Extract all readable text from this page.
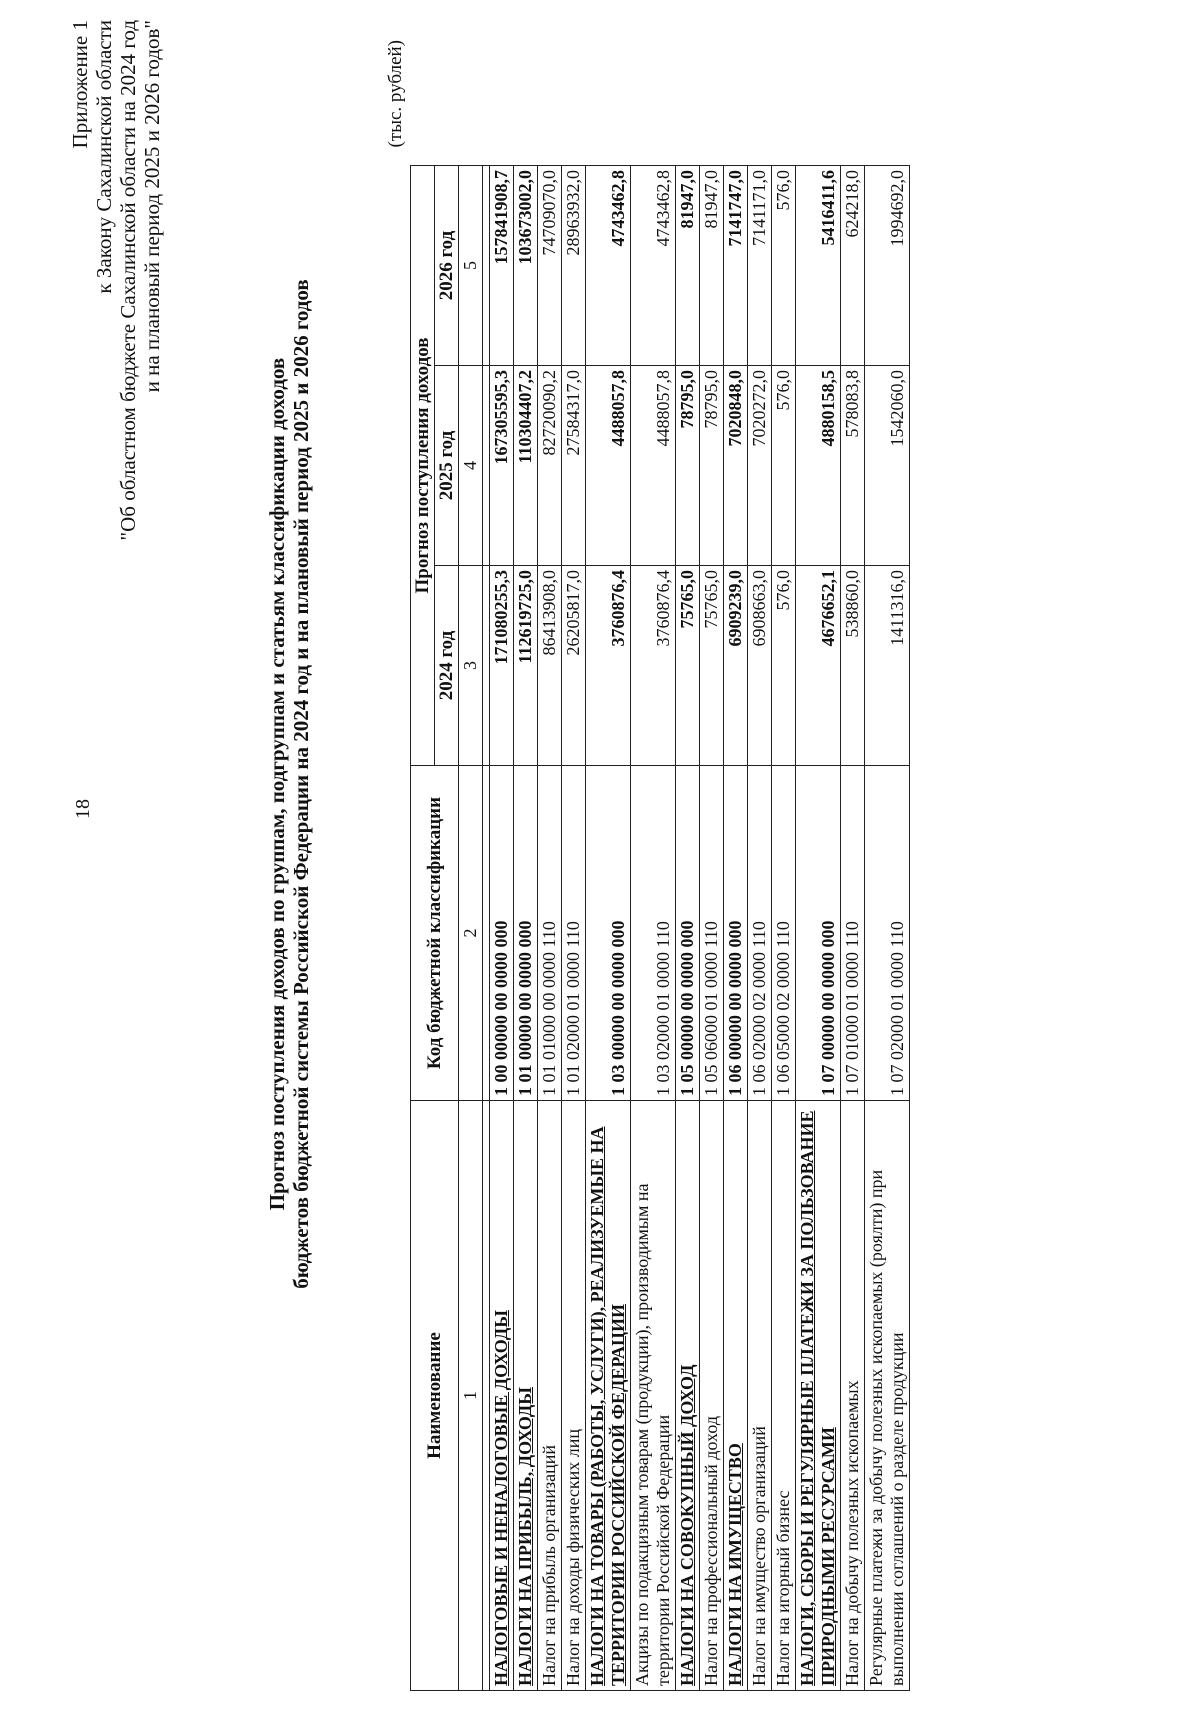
18
Приложение 1 к Закону Сахалинской области "Об областном бюджете Сахалинской области на 2024 год и на плановый период 2025 и 2026 годов"
Прогноз поступления доходов по группам, подгруппам и статьям классификации доходов бюджетов бюджетной системы Российской Федерации на 2024 год и на плановый период 2025 и 2026 годов
(тыс. рублей)
Наименование	Код бюджетной классификации	Прогноз поступления доходов		
		2024 год	2025 год	2026 год
1	2	3	4	5

НАЛОГОВЫЕ И НЕНАЛОГОВЫЕ ДОХОДЫ	1 00 00000 00 0000 000	171080255,3	167305595,3	157841908,7
НАЛОГИ НА ПРИБЫЛЬ, ДОХОДЫ	1 01 00000 00 0000 000	112619725,0	110304407,2	103673002,0
Налог на прибыль организаций	1 01 01000 00 0000 110	86413908,0	82720090,2	74709070,0
Налог на доходы физических лиц	1 01 02000 01 0000 110	26205817,0	27584317,0	28963932,0
НАЛОГИ НА ТОВАРЫ (РАБОТЫ, УСЛУГИ), РЕАЛИЗУЕМЫЕ НА ТЕРРИТОРИИ РОССИЙСКОЙ ФЕДЕРАЦИИ	1 03 00000 00 0000 000	3760876,4	4488057,8	4743462,8
Акцизы по подакцизным товарам (продукции), производимым на территории Российской Федерации	1 03 02000 01 0000 110	3760876,4	4488057,8	4743462,8
НАЛОГИ НА СОВОКУПНЫЙ ДОХОД	1 05 00000 00 0000 000	75765,0	78795,0	81947,0
Налог на профессиональный доход	1 05 06000 01 0000 110	75765,0	78795,0	81947,0
НАЛОГИ НА ИМУЩЕСТВО	1 06 00000 00 0000 000	6909239,0	7020848,0	7141747,0
Налог на имущество организаций	1 06 02000 02 0000 110	6908663,0	7020272,0	7141171,0
Налог на игорный бизнес	1 06 05000 02 0000 110	576,0	576,0	576,0
НАЛОГИ, СБОРЫ И РЕГУЛЯРНЫЕ ПЛАТЕЖИ ЗА ПОЛЬЗОВАНИЕ ПРИРОДНЫМИ РЕСУРСАМИ	1 07 00000 00 0000 000	4676652,1	4880158,5	5416411,6
Налог на добычу полезных ископаемых	1 07 01000 01 0000 110	538860,0	578083,8	624218,0
Регулярные платежи за добычу полезных ископаемых (роялти) при выполнении соглашений о разделе продукции	1 07 02000 01 0000 110	1411316,0	1542060,0	1994692,0
